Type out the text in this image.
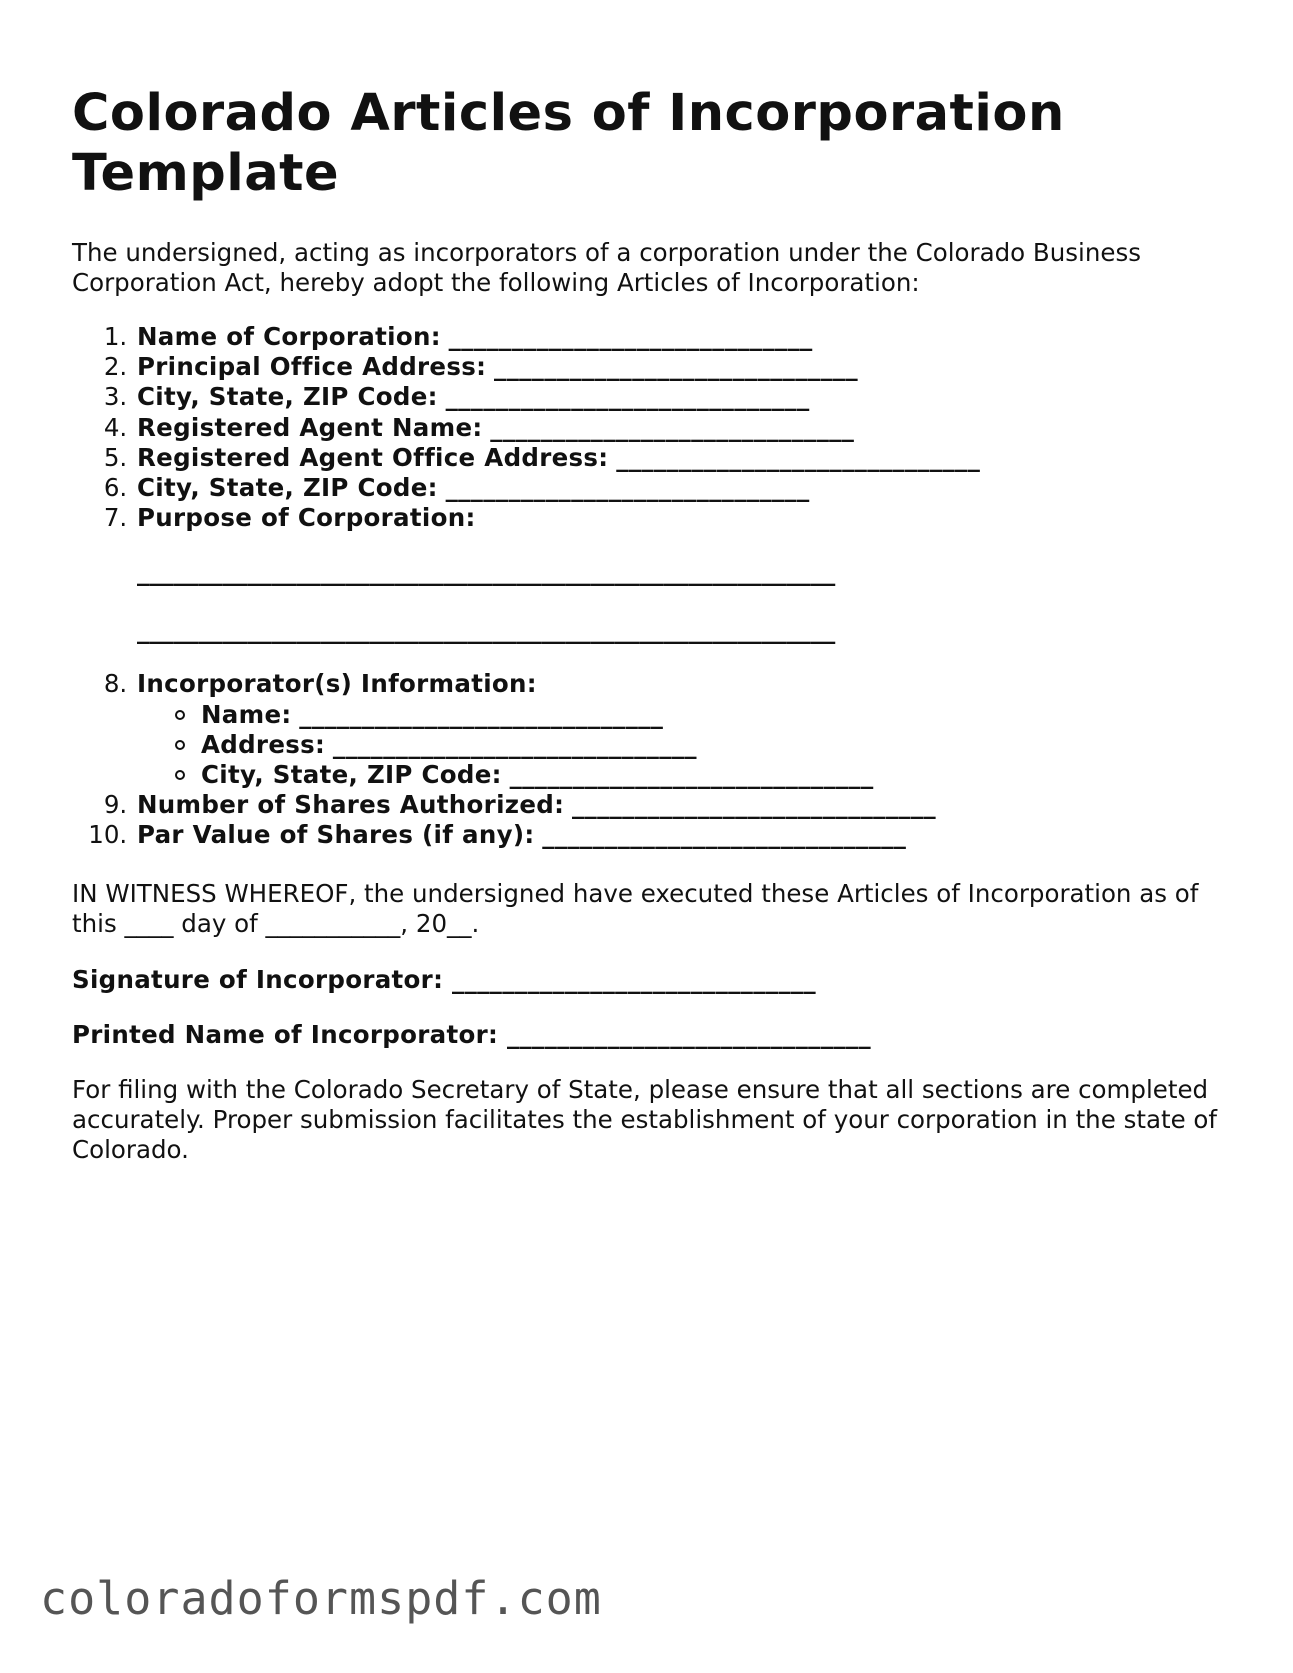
Colorado Articles of Incorporation Template

The undersigned, acting as incorporators of a corporation under the Colorado Business Corporation Act, hereby adopt the following Articles of Incorporation:

1. Name of Corporation: _____________________________
2. Principal Office Address: _____________________________
3. City, State, ZIP Code: _____________________________
4. Registered Agent Name: _____________________________
5. Registered Agent Office Address: _____________________________
6. City, State, ZIP Code: _____________________________
7. Purpose of Corporation:
_________________________________________________________
_________________________________________________________
8. Incorporator(s) Information:
Name: _____________________________
Address: _____________________________
City, State, ZIP Code: _____________________________
9. Number of Shares Authorized: _____________________________
10. Par Value of Shares (if any): _____________________________

IN WITNESS WHEREOF, the undersigned have executed these Articles of Incorporation as of this ____ day of ___________, 20__.

Signature of Incorporator: _____________________________
Printed Name of Incorporator: _____________________________

For filing with the Colorado Secretary of State, please ensure that all sections are completed accurately. Proper submission facilitates the establishment of your corporation in the state of Colorado.

coloradoformspdf.com
